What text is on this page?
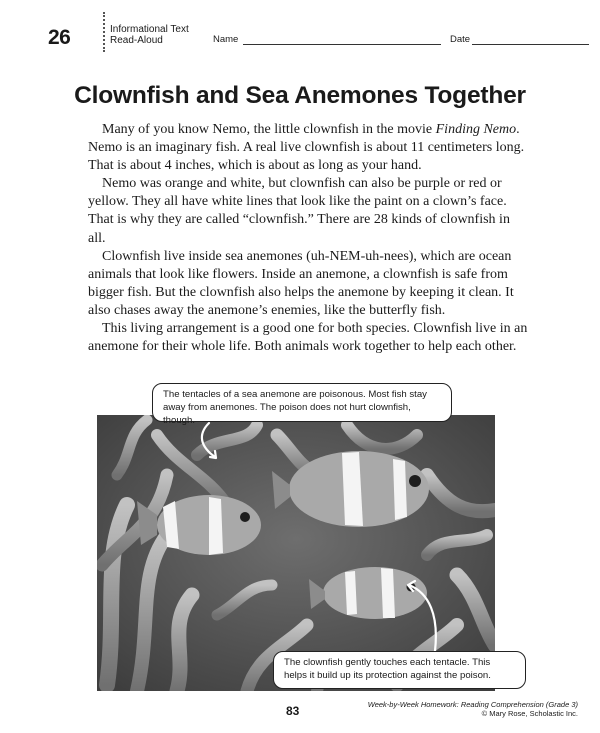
26	Informational Text
Read-Aloud	Name	Date
Clownfish and Sea Anemones Together

Many of you know Nemo, the little clownfish in the movie Finding Nemo. Nemo is an imaginary fish. A real live clownfish is about 11 centimeters long. That is about 4 inches, which is about as long as your hand.

Nemo was orange and white, but clownfish can also be purple or red or yellow. They all have white lines that look like the paint on a clown’s face. That is why they are called “clownfish.” There are 28 kinds of clownfish in all.

Clownfish live inside sea anemones (uh-NEM-uh-nees), which are ocean animals that look like flowers. Inside an anemone, a clownfish is safe from bigger fish. But the clownfish also helps the anemone by keeping it clean. It also chases away the anemone’s enemies, like the butterfly fish.

This living arrangement is a good one for both species. Clownfish live in an anemone for their whole life. Both animals work together to help each other.

The tentacles of a sea anemone are poisonous. Most fish stay away from anemones. The poison does not hurt clownfish, though.
The clownfish gently touches each tentacle. This helps it build up its protection against the poison.
83	Week-by-Week Homework: Reading Comprehension (Grade 3)
© Mary Rose, Scholastic Inc.
